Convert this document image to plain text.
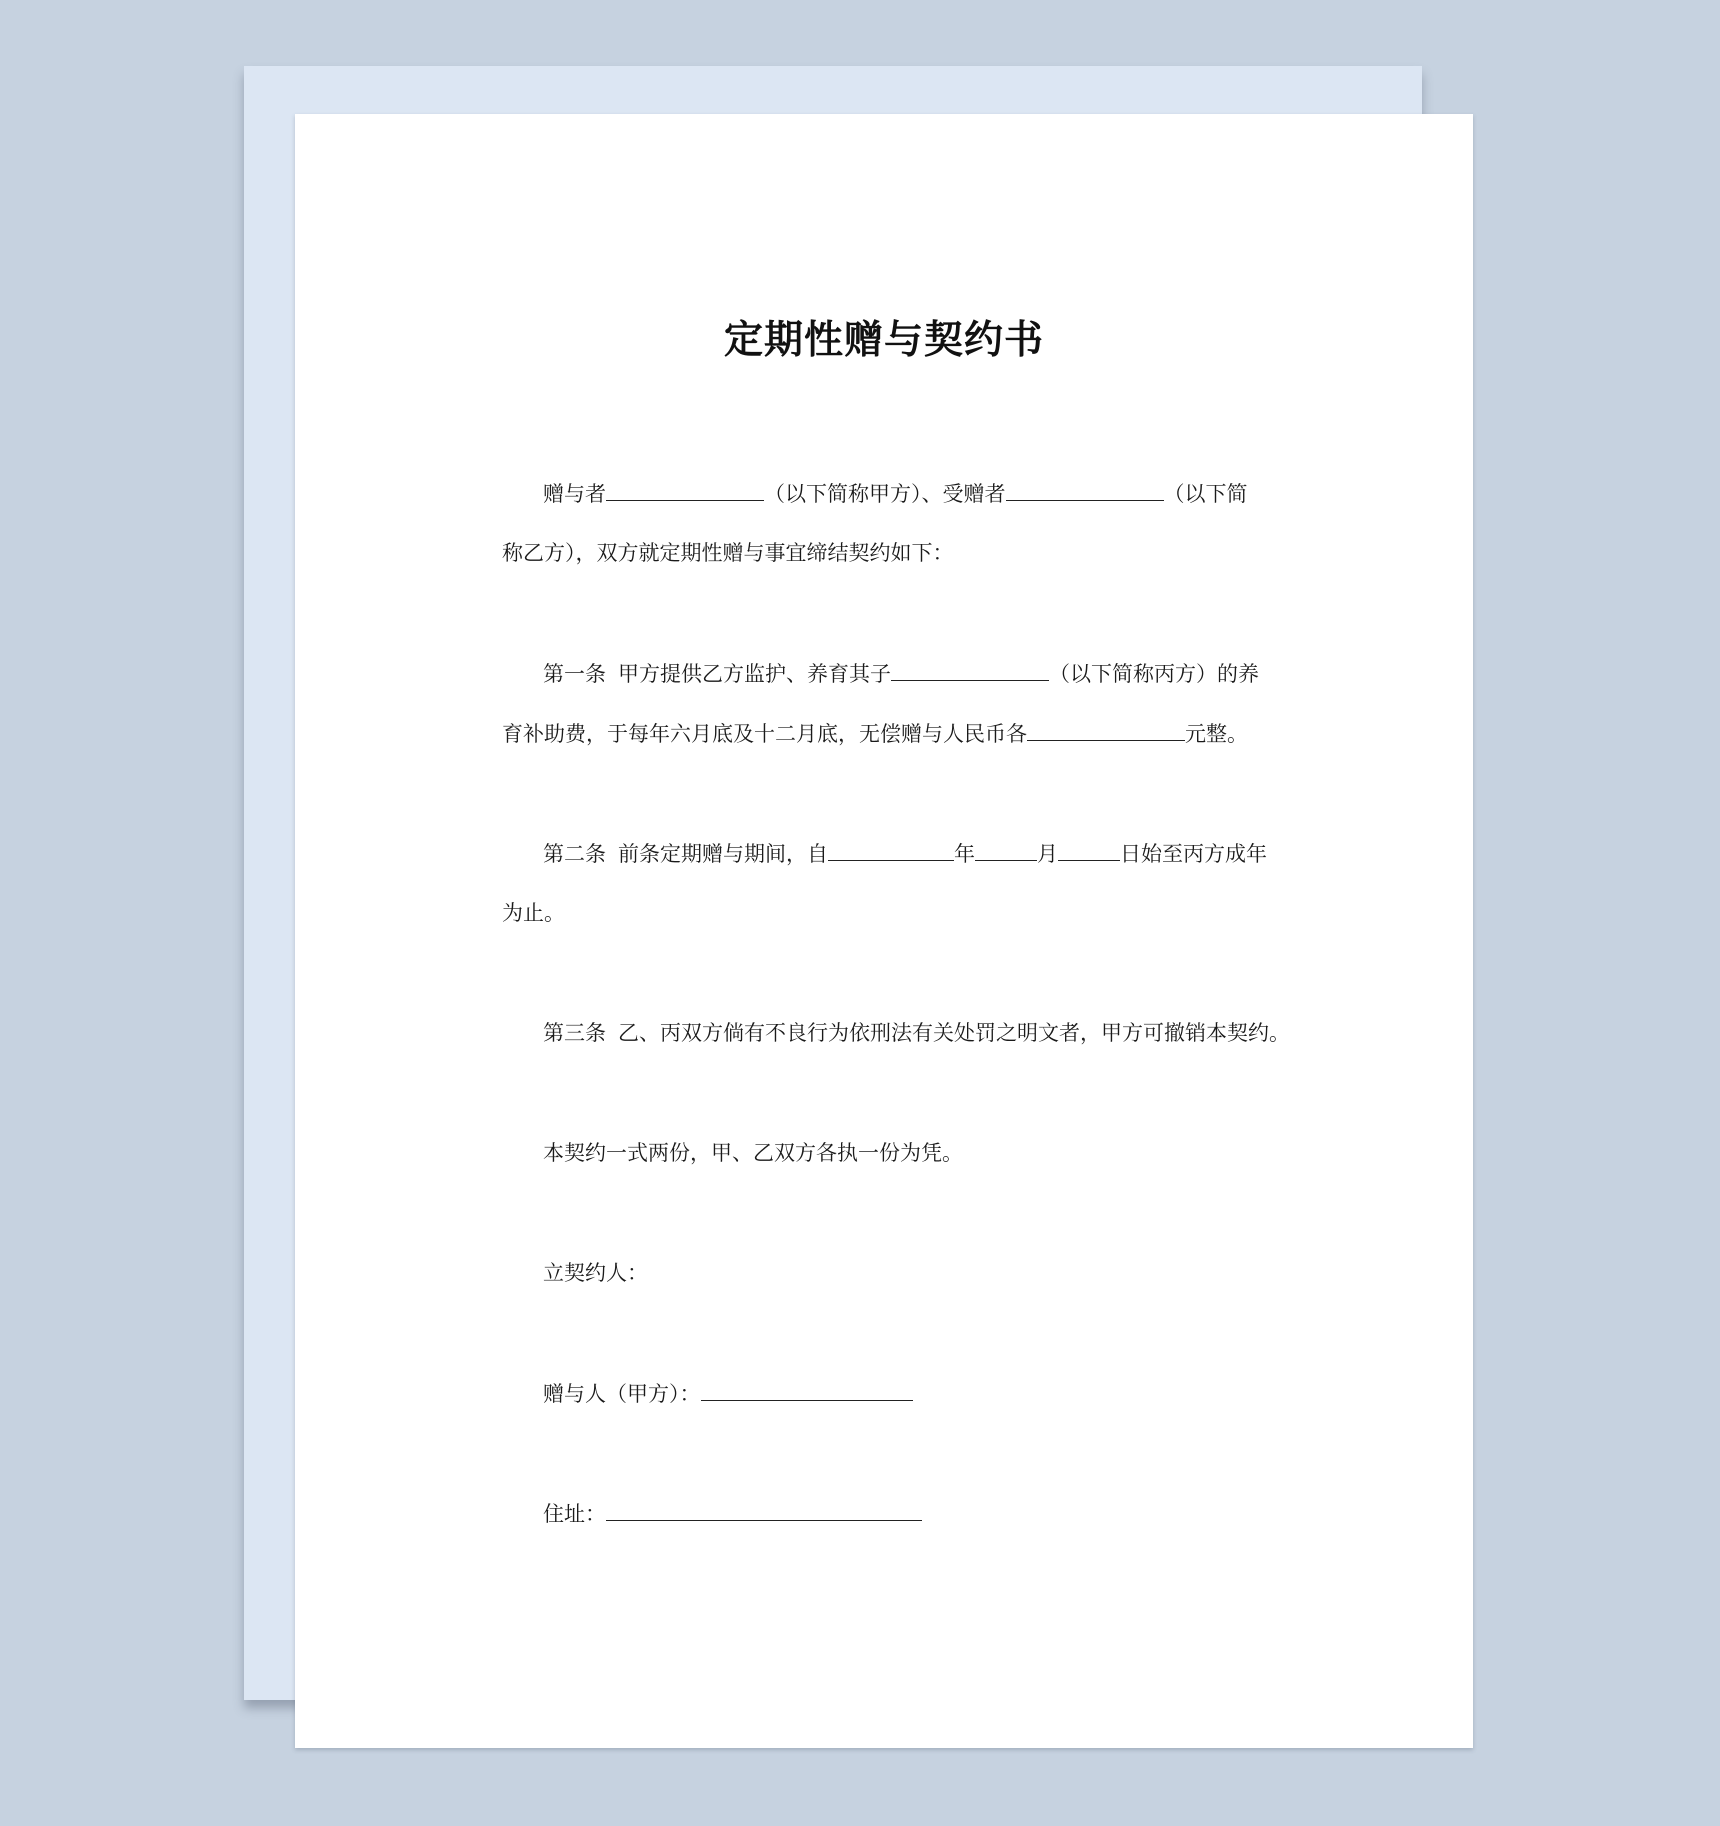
定期性赠与契约书
赠与者	（以下简称甲方）、受赠者	（以下简
称乙方），双方就定期性赠与事宜缔结契约如下：
第一条 甲方提供乙方监护、养育其子	（以下简称丙方）的养
育补助费，于每年六月底及十二月底，无偿赠与人民币各	元整。
第二条 前条定期赠与期间，自	年	月	日始至丙方成年
为止。
第三条 乙、丙双方倘有不良行为依刑法有关处罚之明文者，甲方可撤销本契约。
本契约一式两份，甲、乙双方各执一份为凭。
立契约人：
赠与人（甲方）：
住址：
